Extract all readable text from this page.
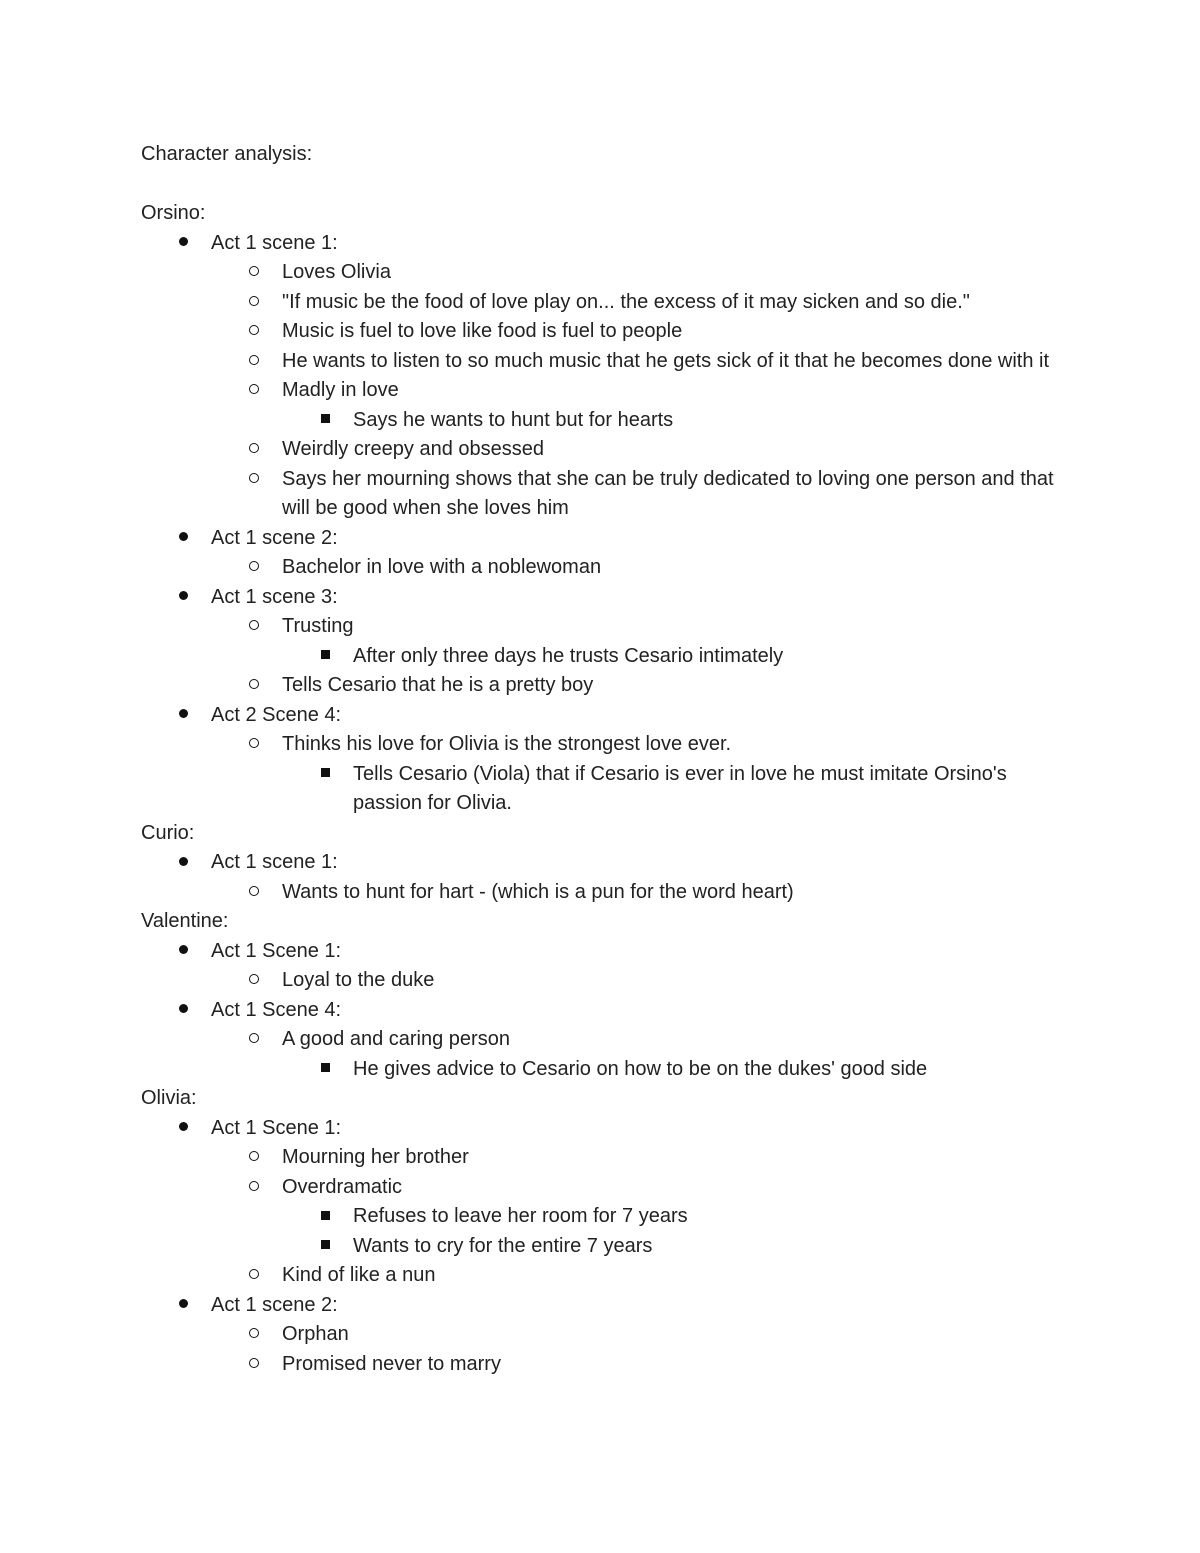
Character analysis:
Orsino:
Act 1 scene 1:
Loves Olivia
"If music be the food of love play on... the excess of it may sicken and so die."
Music is fuel to love like food is fuel to people
He wants to listen to so much music that he gets sick of it that he becomes done with it
Madly in love
Says he wants to hunt but for hearts
Weirdly creepy and obsessed
Says her mourning shows that she can be truly dedicated to loving one person and that will be good when she loves him
Act 1 scene 2:
Bachelor in love with a noblewoman
Act 1 scene 3:
Trusting
After only three days he trusts Cesario intimately
Tells Cesario that he is a pretty boy
Act 2 Scene 4:
Thinks his love for Olivia is the strongest love ever.
Tells Cesario (Viola) that if Cesario is ever in love he must imitate Orsino's passion for Olivia.
Curio:
Act 1 scene 1:
Wants to hunt for hart - (which is a pun for the word heart)
Valentine:
Act 1 Scene 1:
Loyal to the duke
Act 1 Scene 4:
A good and caring person
He gives advice to Cesario on how to be on the dukes' good side
Olivia:
Act 1 Scene 1:
Mourning her brother
Overdramatic
Refuses to leave her room for 7 years
Wants to cry for the entire 7 years
Kind of like a nun
Act 1 scene 2:
Orphan
Promised never to marry
